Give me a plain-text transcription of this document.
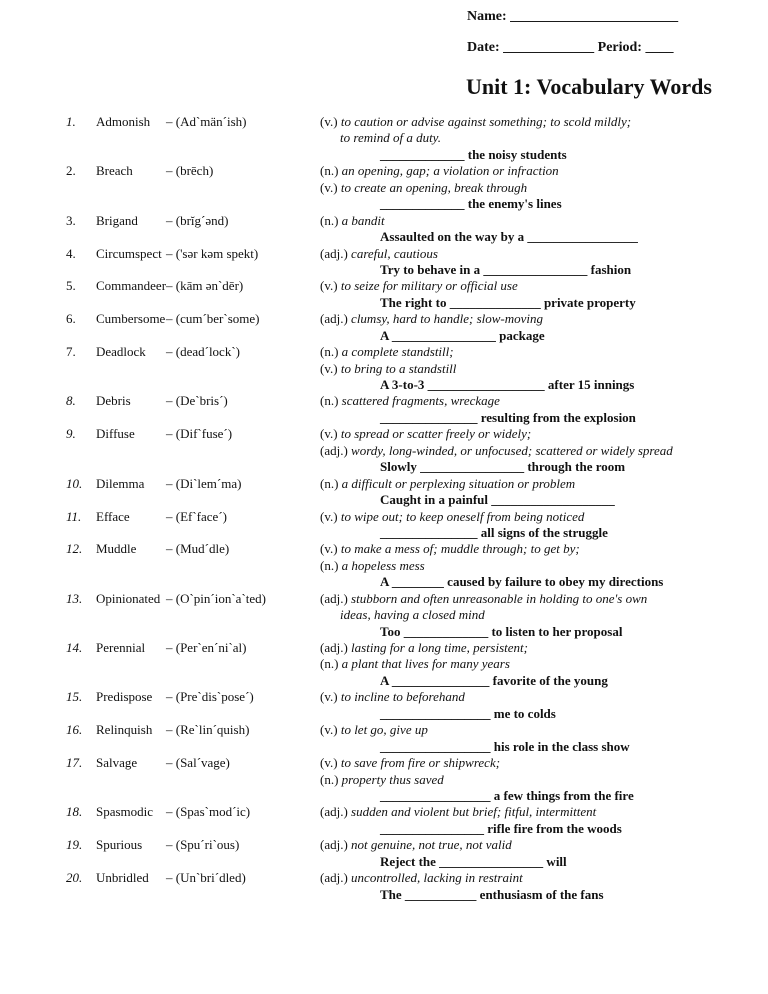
Name: ________________________
Date: _____________ Period: ____
Unit 1: Vocabulary Words
1.	Admonish – (Ad`män´ish)	(v.) to caution or advise against something; to scold mildly;
to remind of a duty.
_____________ the noisy students
2.	Breach	– (brēch)	(n.) an opening, gap; a violation or infraction
(v.) to create an opening, break through
_____________ the enemy's lines
3.	Brigand – (brĭg´ənd)	(n.) a bandit
Assaulted on the way by a _________________
4.	Circumspect – ('sər kəm spekt)	(adj.) careful, cautious
Try to behave in a ________________ fashion
5.	Commandeer – (kām ən`dēr)	(v.) to seize for military or official use
The right to ______________ private property
6.	Cumbersome – (cum´ber`some)	(adj.) clumsy, hard to handle; slow-moving
A ________________ package
7.	Deadlock – (dead´lock`)	(n.) a complete standstill;
(v.) to bring to a standstill
A 3-to-3 __________________ after 15 innings
8.	Debris	– (De`bris´)	(n.) scattered fragments, wreckage
_______________ resulting from the explosion
9.	Diffuse – (Dif`fuse´)	(v.) to spread or scatter freely or widely;
(adj.) wordy, long-winded, or unfocused; scattered or widely spread
Slowly ________________ through the room
10. Dilemma – (Di`lem´ma)	(n.) a difficult or perplexing situation or problem
Caught in a painful ___________________
11. Efface	– (Ef`face´)	(v.) to wipe out; to keep oneself from being noticed
_______________ all signs of the struggle
12. Muddle – (Mud´dle)	(v.) to make a mess of; muddle through; to get by;
(n.) a hopeless mess
A ________ caused by failure to obey my directions
13. Opinionated – (O`pin´ion`a`ted)	(adj.) stubborn and often unreasonable in holding to one's own
ideas, having a closed mind
Too _____________ to listen to her proposal
14. Perennial – (Per`en´ni`al)	(adj.) lasting for a long time, persistent;
(n.) a plant that lives for many years
A _______________ favorite of the young
15. Predispose – (Pre`dis`pose´)	(v.) to incline to beforehand
_________________ me to colds
16. Relinquish – (Re`lin´quish)	(v.) to let go, give up
_________________ his role in the class show
17. Salvage – (Sal´vage)	(v.) to save from fire or shipwreck;
(n.) property thus saved
_________________ a few things from the fire
18. Spasmodic – (Spas`mod´ic)	(adj.) sudden and violent but brief; fitful, intermittent
________________ rifle fire from the woods
19. Spurious – (Spu´ri`ous)	(adj.) not genuine, not true, not valid
Reject the ________________ will
20. Unbridled – (Un`bri´dled)	(adj.) uncontrolled, lacking in restraint
The ___________ enthusiasm of the fans
